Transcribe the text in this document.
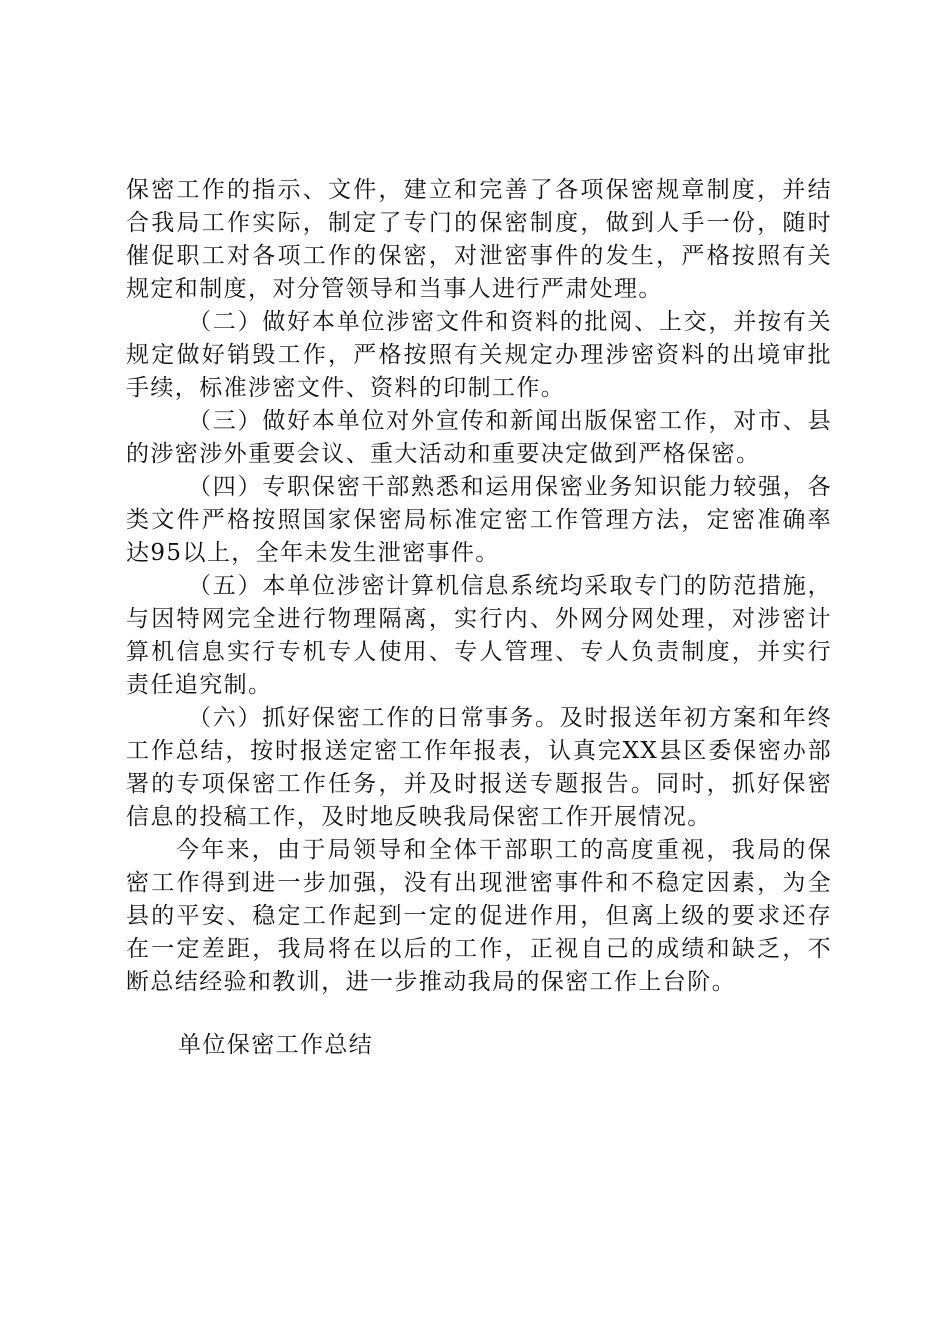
保密工作的指示、文件，建立和完善了各项保密规章制度，并结合我局工作实际，制定了专门的保密制度，做到人手一份，随时催促职工对各项工作的保密，对泄密事件的发生，严格按照有关规定和制度，对分管领导和当事人进行严肃处理。

（二）做好本单位涉密文件和资料的批阅、上交，并按有关规定做好销毁工作，严格按照有关规定办理涉密资料的出境审批手续，标准涉密文件、资料的印制工作。

（三）做好本单位对外宣传和新闻出版保密工作，对市、县的涉密涉外重要会议、重大活动和重要决定做到严格保密。

（四）专职保密干部熟悉和运用保密业务知识能力较强，各类文件严格按照国家保密局标准定密工作管理方法，定密准确率达95以上，全年未发生泄密事件。

（五）本单位涉密计算机信息系统均采取专门的防范措施，与因特网完全进行物理隔离，实行内、外网分网处理，对涉密计算机信息实行专机专人使用、专人管理、专人负责制度，并实行责任追究制。

（六）抓好保密工作的日常事务。及时报送年初方案和年终工作总结，按时报送定密工作年报表，认真完XX县区委保密办部署的专项保密工作任务，并及时报送专题报告。同时，抓好保密信息的投稿工作，及时地反映我局保密工作开展情况。

今年来，由于局领导和全体干部职工的高度重视，我局的保密工作得到进一步加强，没有出现泄密事件和不稳定因素，为全县的平安、稳定工作起到一定的促进作用，但离上级的要求还存在一定差距，我局将在以后的工作，正视自己的成绩和缺乏，不断总结经验和教训，进一步推动我局的保密工作上台阶。

单位保密工作总结
